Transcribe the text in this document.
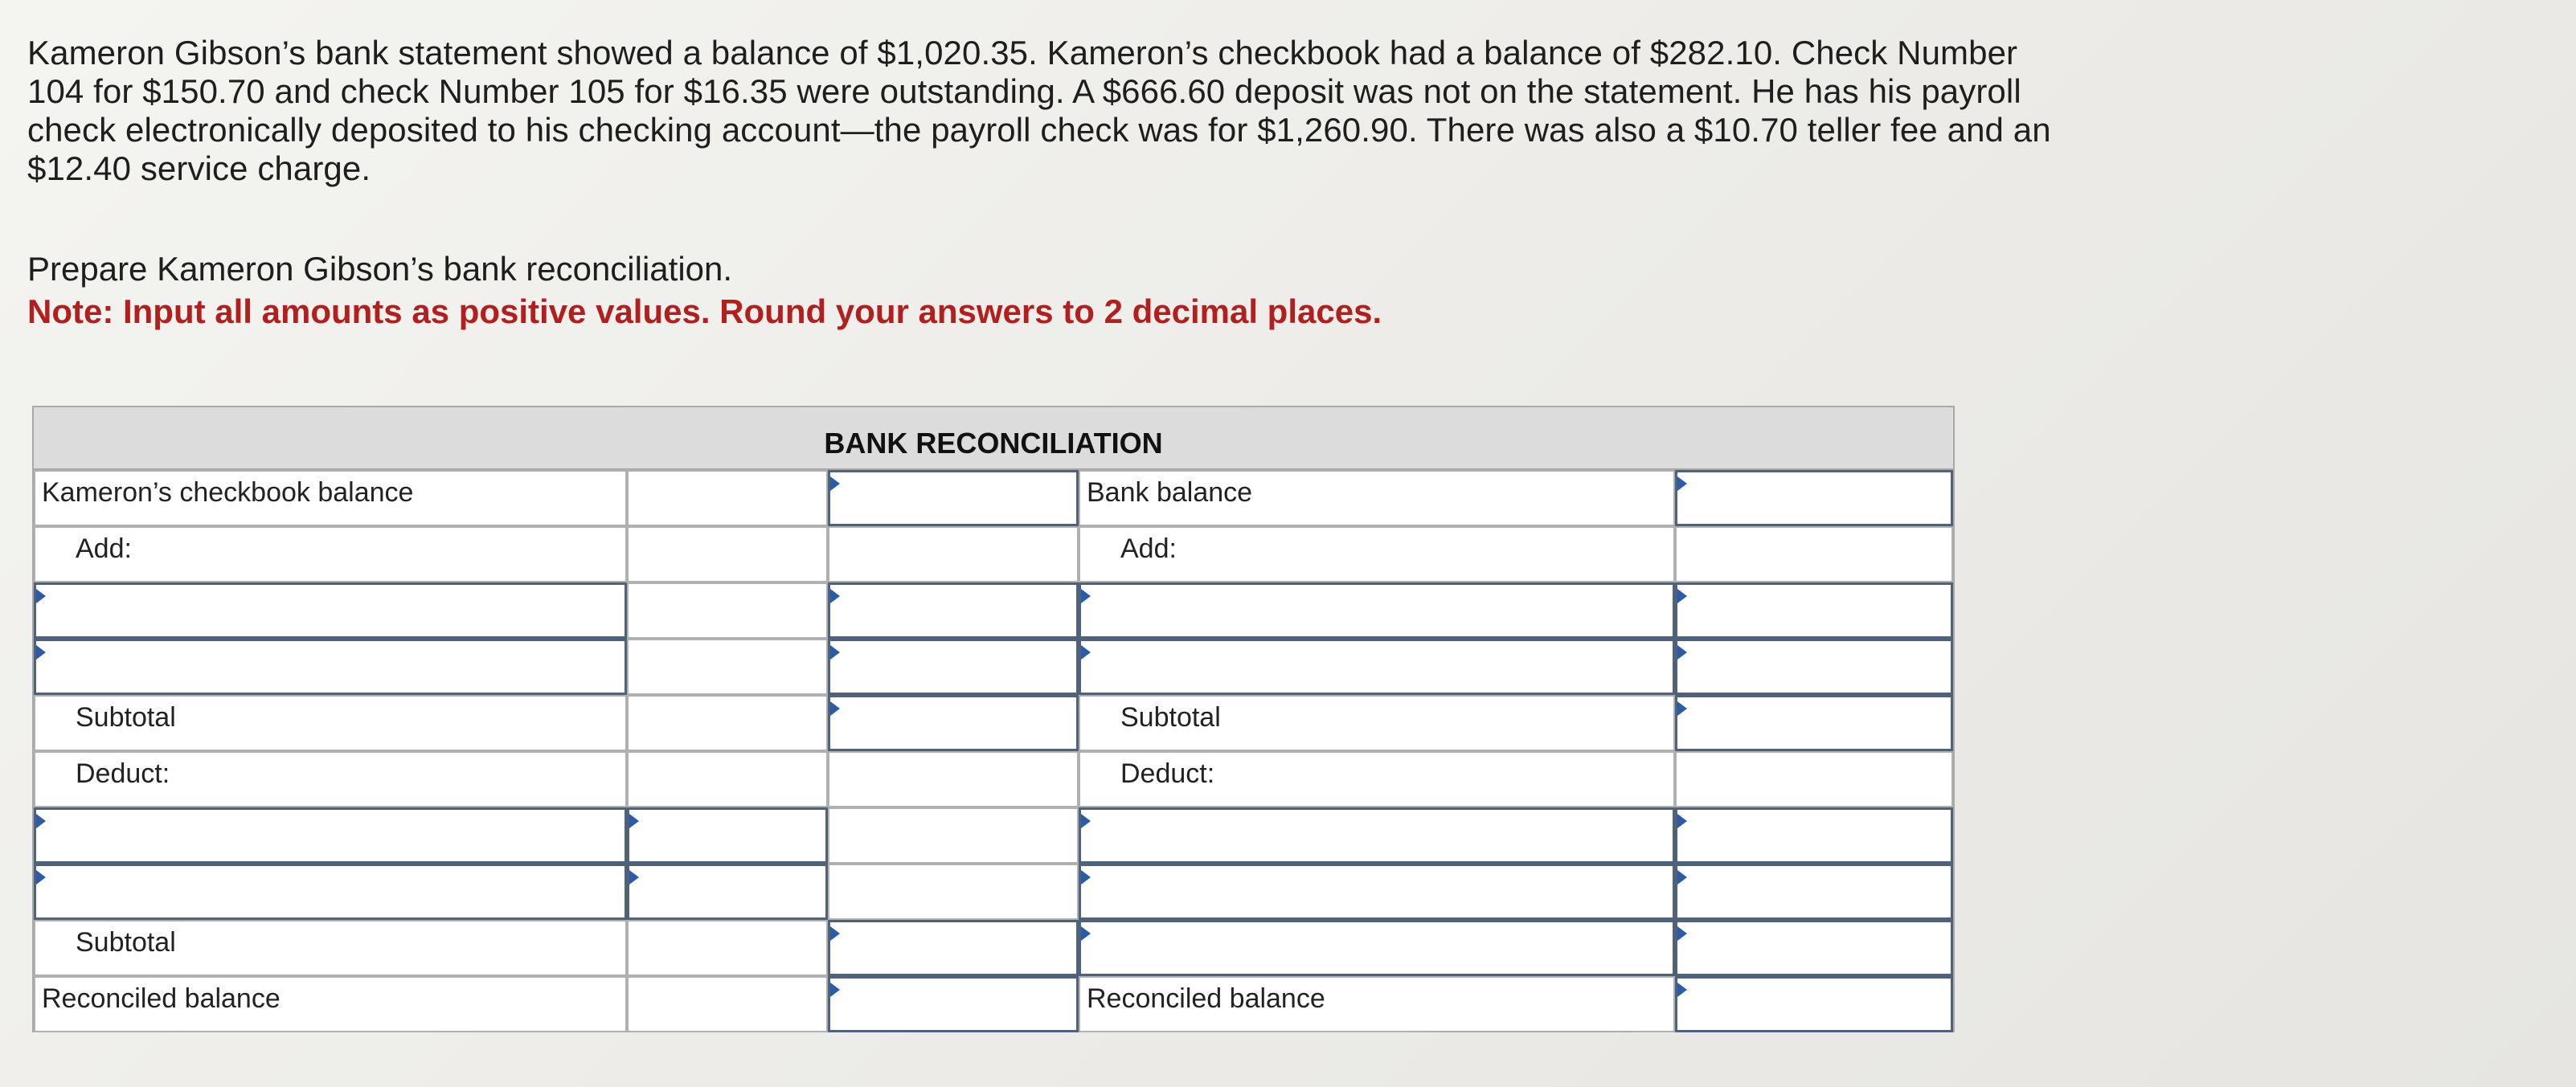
Kameron Gibson’s bank statement showed a balance of $1,020.35. Kameron’s checkbook had a balance of $282.10. Check Number

104 for $150.70 and check Number 105 for $16.35 were outstanding. A $666.60 deposit was not on the statement. He has his payroll

check electronically deposited to his checking account—the payroll check was for $1,260.90. There was also a $10.70 teller fee and an

$12.40 service charge.

Prepare Kameron Gibson’s bank reconciliation.
Note: Input all amounts as positive values. Round your answers to 2 decimal places.
BANK RECONCILIATION
Kameron’s checkbook balance
Add:
Subtotal
Deduct:
Subtotal
Reconciled balance
Bank balance
Add:
Subtotal
Deduct:
Reconciled balance
